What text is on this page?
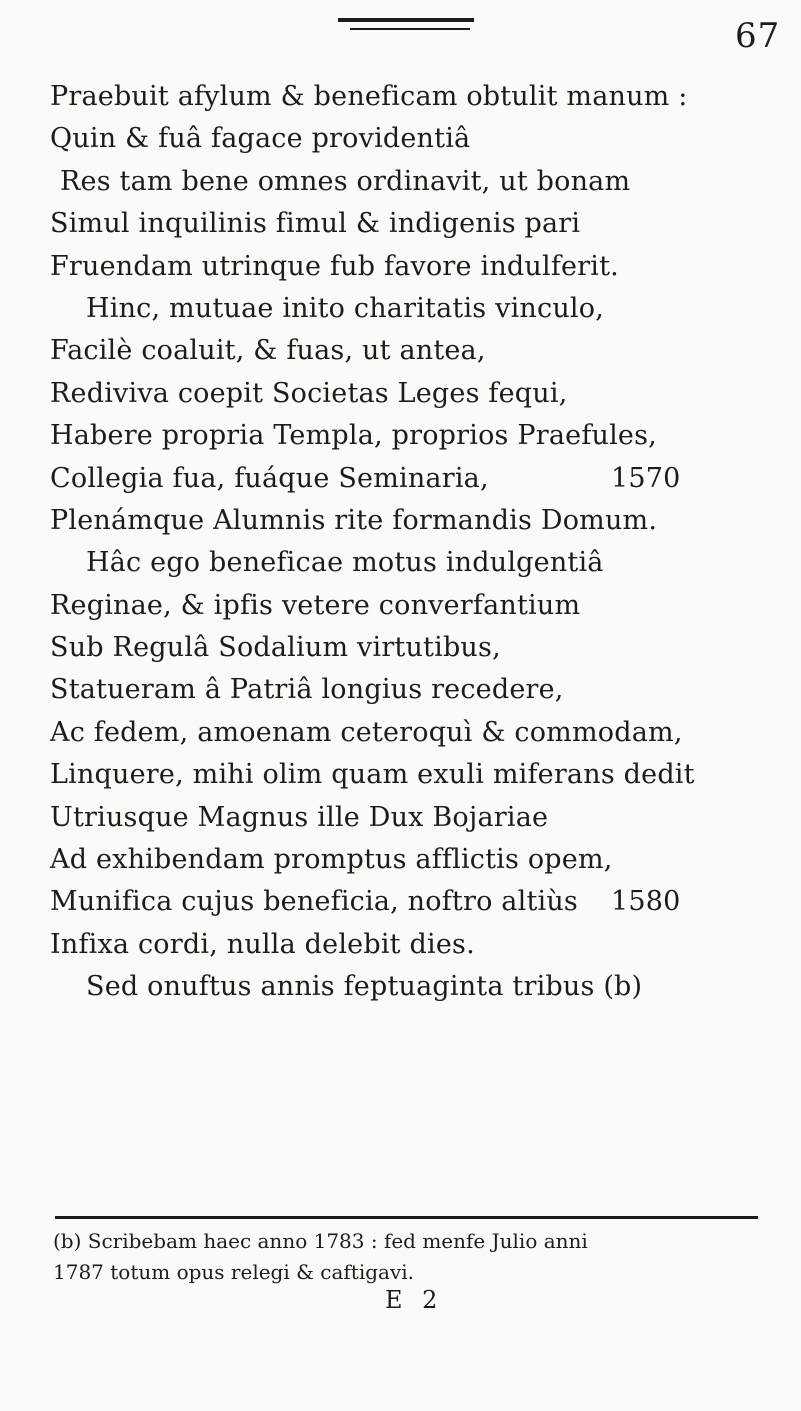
67
Praebuit afylum & beneficam obtulit manum :
Quin & fuâ fagace providentiâ
Res tam bene omnes ordinavit, ut bonam
Simul inquilinis fimul & indigenis pari
Fruendam utrinque fub favore indulferit.
Hinc, mutuae inito charitatis vinculo,
Facilè coaluit, & fuas, ut antea,
Rediviva coepit Societas Leges fequi,
Habere propria Templa, proprios Praefules,
Collegia fua, fuáque Seminaria,	1570
Plenámque Alumnis rite formandis Domum.
Hâc ego beneficae motus indulgentiâ
Reginae, & ipfis vetere converfantium
Sub Regulâ Sodalium virtutibus,
Statueram â Patriâ longius recedere,
Ac fedem, amoenam ceteroquì & commodam,
Linquere, mihi olim quam exuli miferans dedit
Utriusque Magnus ille Dux Bojariae
Ad exhibendam promptus afflictis opem,
Munifica cujus beneficia, noftro altiùs 1580
Infixa cordi, nulla delebit dies.
Sed onuftus annis feptuaginta tribus (b)
(b) Scribebam haec anno 1783 : fed menfe Julio anni
1787 totum opus relegi & caftigavi.
E 2
